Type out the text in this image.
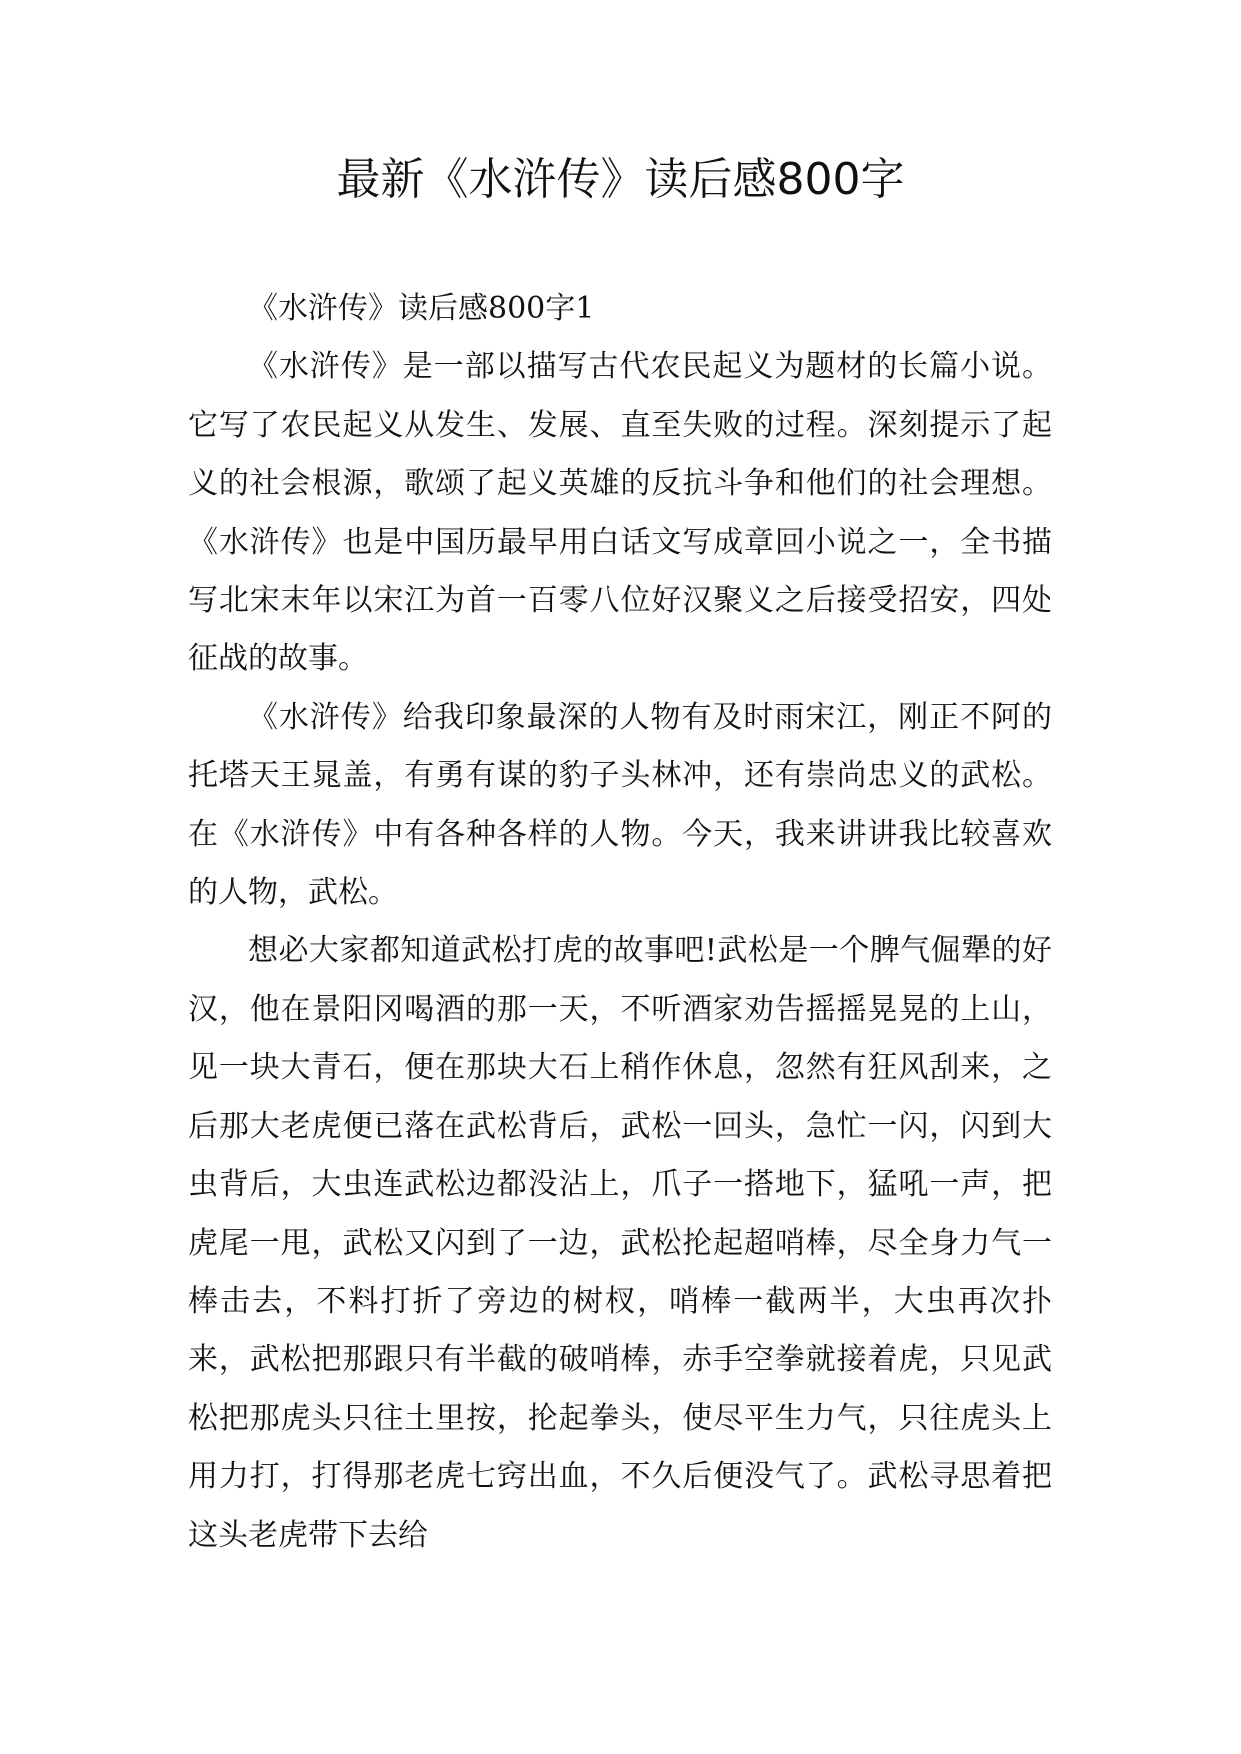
最新《水浒传》读后感800字

《水浒传》读后感800字1

《水浒传》是一部以描写古代农民起义为题材的长篇小说。它写了农民起义从发生、发展、直至失败的过程。深刻提示了起义的社会根源，歌颂了起义英雄的反抗斗争和他们的社会理想。《水浒传》也是中国历最早用白话文写成章回小说之一，全书描写北宋末年以宋江为首一百零八位好汉聚义之后接受招安，四处征战的故事。

《水浒传》给我印象最深的人物有及时雨宋江，刚正不阿的托塔天王晁盖，有勇有谋的豹子头林冲，还有崇尚忠义的武松。在《水浒传》中有各种各样的人物。今天，我来讲讲我比较喜欢的人物，武松。

想必大家都知道武松打虎的故事吧!武松是一个脾气倔犟的好汉，他在景阳冈喝酒的那一天，不听酒家劝告摇摇晃晃的上山，见一块大青石，便在那块大石上稍作休息，忽然有狂风刮来，之后那大老虎便已落在武松背后，武松一回头，急忙一闪，闪到大虫背后，大虫连武松边都没沾上，爪子一搭地下，猛吼一声，把虎尾一甩，武松又闪到了一边，武松抡起超哨棒，尽全身力气一棒击去，不料打折了旁边的树杈，哨棒一截两半，大虫再次扑来，武松把那跟只有半截的破哨棒，赤手空拳就接着虎，只见武松把那虎头只往土里按，抡起拳头，使尽平生力气，只往虎头上用力打，打得那老虎七窍出血，不久后便没气了。武松寻思着把这头老虎带下去给
